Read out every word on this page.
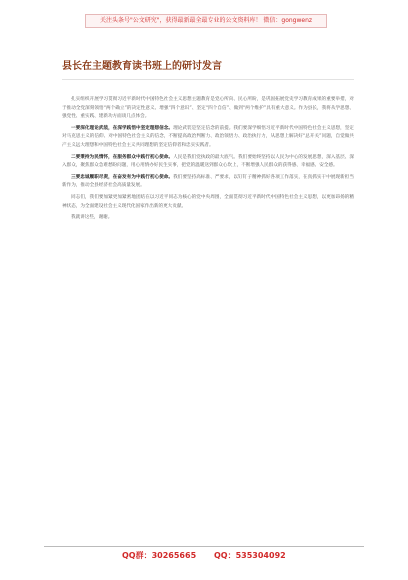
关注头条号"公文研究"，获得最新最全最专业的公文资料库！ 微信：gongwenz
县长在主题教育读书班上的研讨发言

扎实组织开展学习贯彻习近平新时代中国特色社会主义思想主题教育是党心所向、民心所盼，是巩固拓展党史学习教育成果的重要举措，对于推动全党深刻领悟“两个确立”的决定性意义、增强“四个意识”、坚定“四个自信”、做到“两个维护”具有重大意义。作为县长，我将从学思想、强党性、重实践、建新功方面谈几点体会。

一要深化理论武装，在深学践悟中坚定理想信念。理论武装是坚定信念的前提。我们要深学细悟习近平新时代中国特色社会主义思想，坚定对马克思主义的信仰、对中国特色社会主义的信念，不断提高政治判断力、政治领悟力、政治执行力，从思想上解决好“总开关”问题，自觉做共产主义远大理想和中国特色社会主义共同理想的坚定信仰者和忠实实践者。

二要秉持为民情怀，在服务群众中践行初心使命。人民是我们党执政的最大底气。我们要始终坚持以人民为中心的发展思想，深入基层、深入群众，聚焦群众急难愁盼问题，用心用情办好民生实事，把党的温暖送到群众心坎上，不断增强人民群众的获得感、幸福感、安全感。

三要忠诚履职尽责，在奋发有为中践行初心使命。我们要坚持高标准、严要求，以钉钉子精神抓好各项工作落实，在真抓实干中展现新担当新作为，推动全县经济社会高质量发展。

同志们，我们要加紧更加紧密地团结在以习近平同志为核心的党中央周围，全面贯彻习近平新时代中国特色社会主义思想，以更加昂扬的精神状态，为全面建设社会主义现代化国家作出新的更大贡献。

我就讲这些，谢谢。

QQ群：30265665 QQ：535304092
